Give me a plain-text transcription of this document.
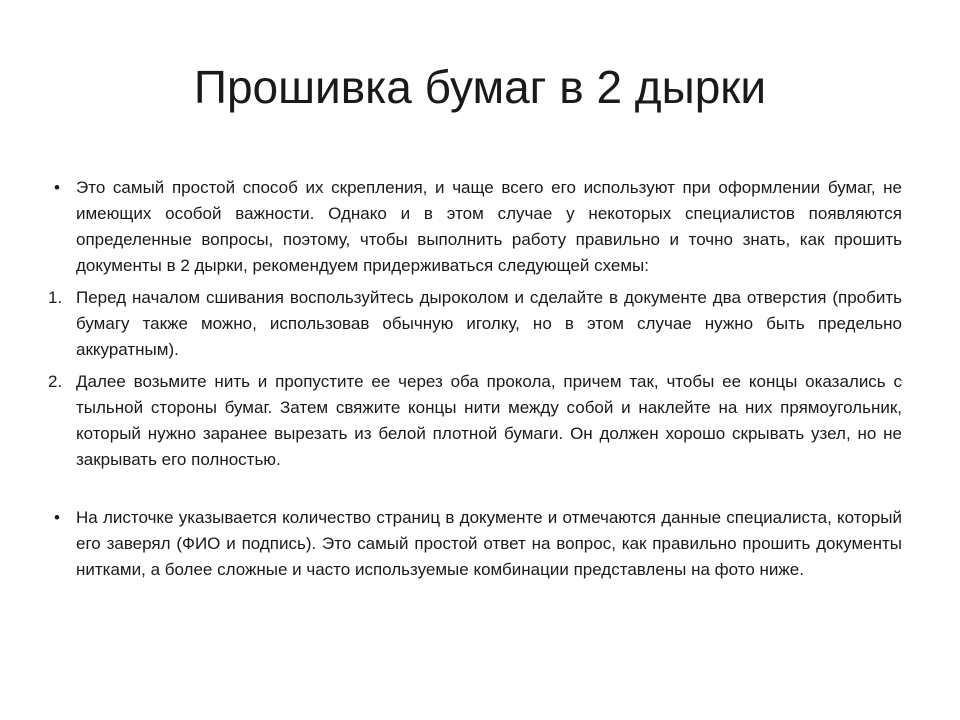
Прошивка бумаг в 2 дырки
• Это самый простой способ их скрепления, и чаще всего его используют при оформлении бумаг, не имеющих особой важности. Однако и в этом случае у некоторых специалистов появляются определенные вопросы, поэтому, чтобы выполнить работу правильно и точно знать, как прошить документы в 2 дырки, рекомендуем придерживаться следующей схемы:
1. Перед началом сшивания воспользуйтесь дыроколом и сделайте в документе два отверстия (пробить бумагу также можно, использовав обычную иголку, но в этом случае нужно быть предельно аккуратным).
2. Далее возьмите нить и пропустите ее через оба прокола, причем так, чтобы ее концы оказались с тыльной стороны бумаг. Затем свяжите концы нити между собой и наклейте на них прямоугольник, который нужно заранее вырезать из белой плотной бумаги. Он должен хорошо скрывать узел, но не закрывать его полностью.
• На листочке указывается количество страниц в документе и отмечаются данные специалиста, который его заверял (ФИО и подпись). Это самый простой ответ на вопрос, как правильно прошить документы нитками, а более сложные и часто используемые комбинации представлены на фото ниже.
